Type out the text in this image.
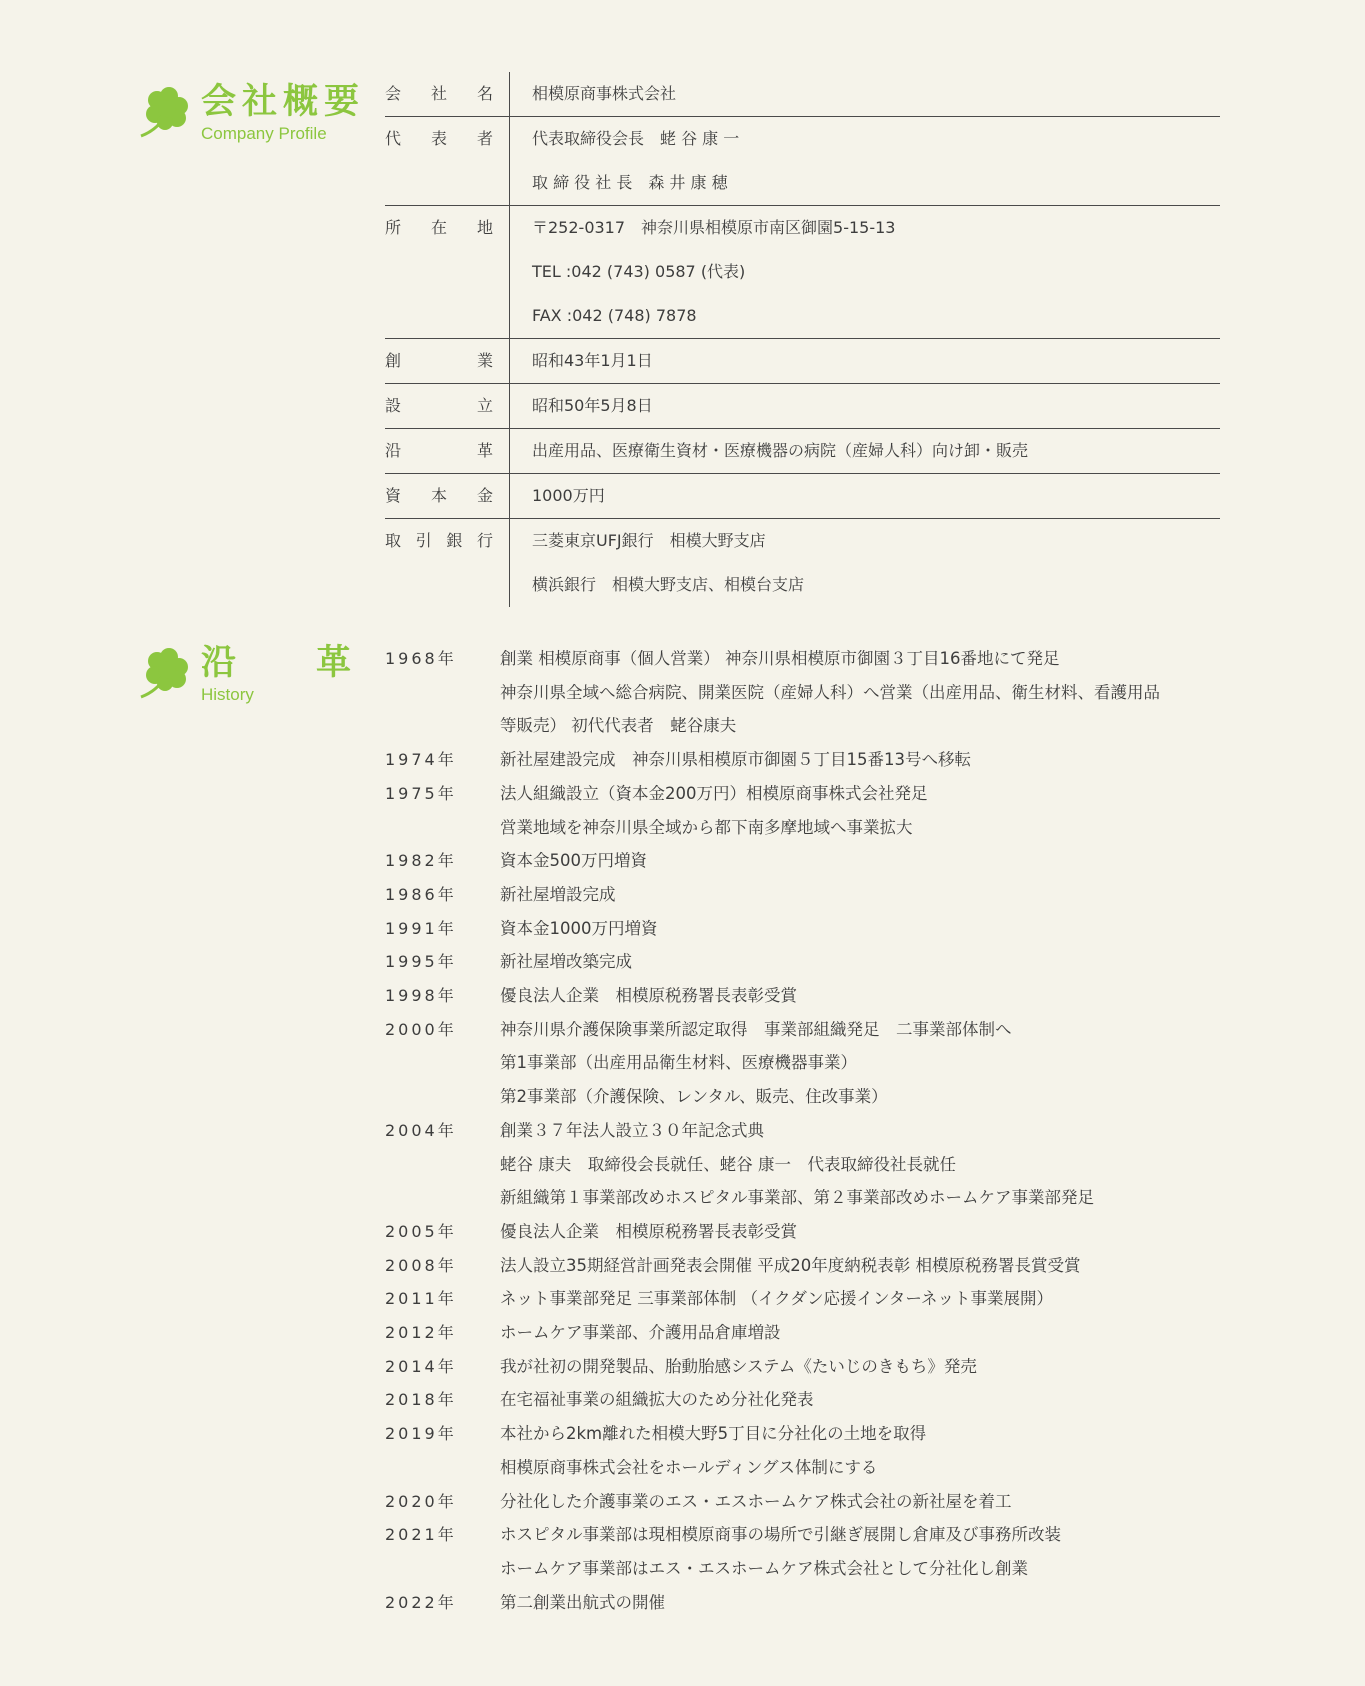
会社概要
Company Profile
会 社 名 相模原商事株式会社
代 表 者 代表取締役会長　蛯 谷 康 一
取 締 役 社 長　森 井 康 穂
所 在 地 〒252-0317　神奈川県相模原市南区御園5-15-13
TEL :042 (743) 0587 (代表)
FAX :042 (748) 7878
創	業 昭和43年1月1日
設	立 昭和50年5月8日
沿	革 出産用品、医療衛生資材・医療機器の病院（産婦人科）向け卸・販売
資 本 金 1000万円
取 引 銀 行 三菱東京UFJ銀行　相模大野支店
横浜銀行　相模大野支店、相模台支店
沿 革
History
1968年	創業 相模原商事（個人営業） 神奈川県相模原市御園３丁目16番地にて発足
神奈川県全域へ総合病院、開業医院（産婦人科）へ営業（出産用品、衛生材料、看護用品
等販売） 初代代表者　蛯谷康夫
1974年	新社屋建設完成　神奈川県相模原市御園５丁目15番13号へ移転
1975年	法人組織設立（資本金200万円）相模原商事株式会社発足
営業地域を神奈川県全域から都下南多摩地域へ事業拡大
1982年	資本金500万円増資
1986年	新社屋増設完成
1991年	資本金1000万円増資
1995年	新社屋増改築完成
1998年	優良法人企業　相模原税務署長表彰受賞
2000年	神奈川県介護保険事業所認定取得　事業部組織発足　二事業部体制へ
第1事業部（出産用品衛生材料、医療機器事業）
第2事業部（介護保険、レンタル、販売、住改事業）
2004年	創業３７年法人設立３０年記念式典
蛯谷 康夫　取締役会長就任、蛯谷 康一　代表取締役社長就任
新組織第１事業部改めホスピタル事業部、第２事業部改めホームケア事業部発足
2005年	優良法人企業　相模原税務署長表彰受賞
2008年	法人設立35期経営計画発表会開催 平成20年度納税表彰 相模原税務署長賞受賞
2011年	ネット事業部発足 三事業部体制 （イクダン応援インターネット事業展開）
2012年	ホームケア事業部、介護用品倉庫増設
2014年	我が社初の開発製品、胎動胎感システム《たいじのきもち》発売
2018年	在宅福祉事業の組織拡大のため分社化発表
2019年	本社から2km離れた相模大野5丁目に分社化の土地を取得
相模原商事株式会社をホールディングス体制にする
2020年	分社化した介護事業のエス・エスホームケア株式会社の新社屋を着工
2021年	ホスピタル事業部は現相模原商事の場所で引継ぎ展開し倉庫及び事務所改装
ホームケア事業部はエス・エスホームケア株式会社として分社化し創業
2022年	第二創業出航式の開催
